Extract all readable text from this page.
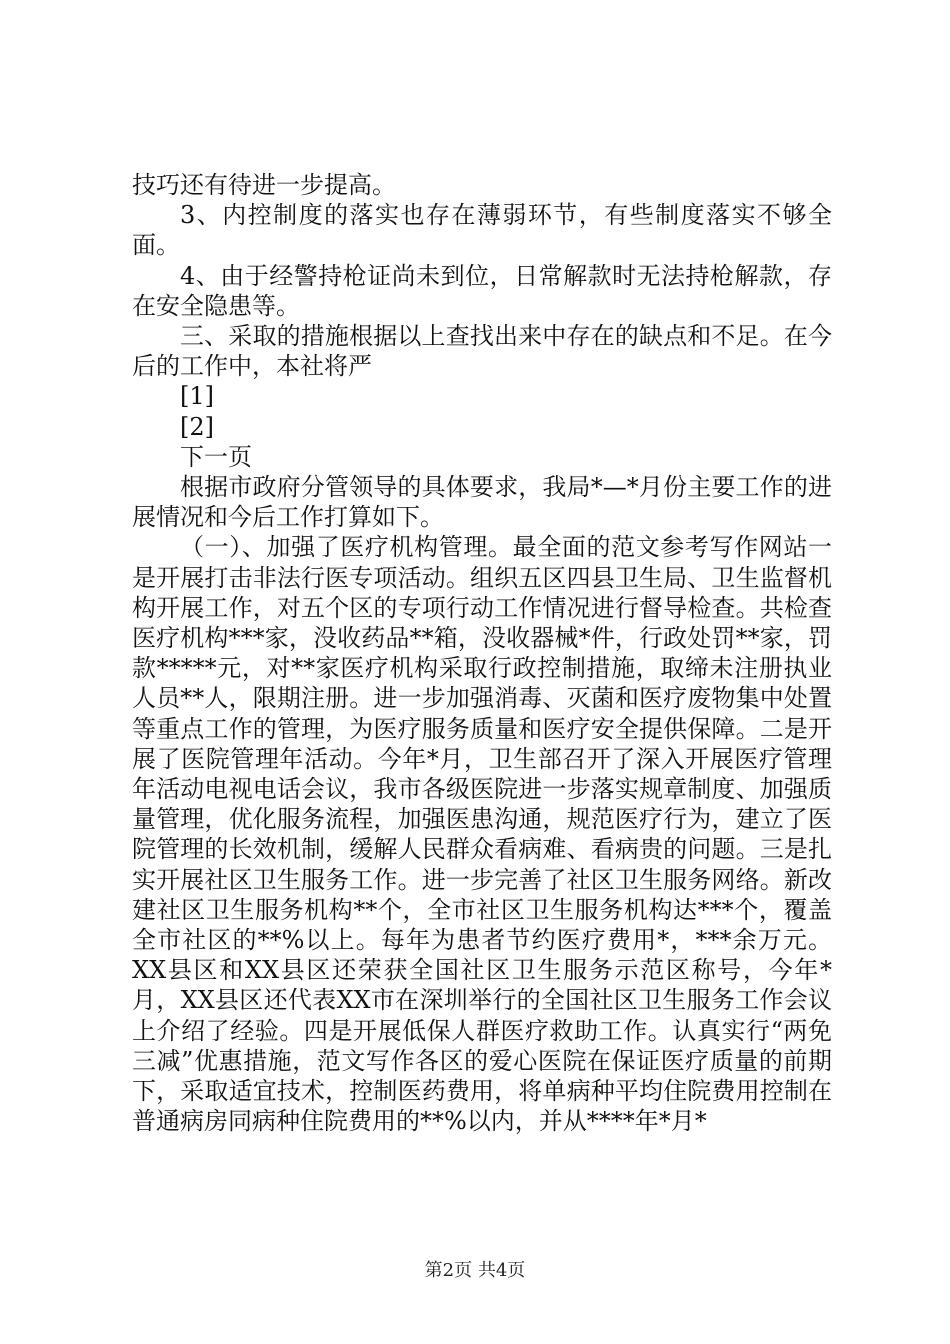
技巧还有待进一步提高。

3、内控制度的落实也存在薄弱环节，有些制度落实不够全面。

4、由于经警持枪证尚未到位，日常解款时无法持枪解款，存在安全隐患等。

三、采取的措施根据以上查找出来中存在的缺点和不足。在今后的工作中，本社将严

[1]

[2]

下一页

根据市政府分管领导的具体要求，我局*—*月份主要工作的进展情况和今后工作打算如下。

（一）、加强了医疗机构管理。最全面的范文参考写作网站一是开展打击非法行医专项活动。组织五区四县卫生局、卫生监督机构开展工作，对五个区的专项行动工作情况进行督导检查。共检查医疗机构***家，没收药品**箱，没收器械*件，行政处罚**家，罚款*****元，对**家医疗机构采取行政控制措施，取缔未注册执业人员**人，限期注册。进一步加强消毒、灭菌和医疗废物集中处置等重点工作的管理，为医疗服务质量和医疗安全提供保障。二是开展了医院管理年活动。今年*月，卫生部召开了深入开展医疗管理年活动电视电话会议，我市各级医院进一步落实规章制度、加强质量管理，优化服务流程，加强医患沟通，规范医疗行为，建立了医院管理的长效机制，缓解人民群众看病难、看病贵的问题。三是扎实开展社区卫生服务工作。进一步完善了社区卫生服务网络。新改建社区卫生服务机构**个，全市社区卫生服务机构达***个，覆盖全市社区的**%以上。每年为患者节约医疗费用*，***余万元。XX县区和XX县区还荣获全国社区卫生服务示范区称号，今年*月，XX县区还代表XX市在深圳举行的全国社区卫生服务工作会议上介绍了经验。四是开展低保人群医疗救助工作。认真实行“两免三减”优惠措施，范文写作各区的爱心医院在保证医疗质量的前期下，采取适宜技术，控制医药费用，将单病种平均住院费用控制在普通病房同病种住院费用的**%以内，并从****年*月*

第2页 共4页
